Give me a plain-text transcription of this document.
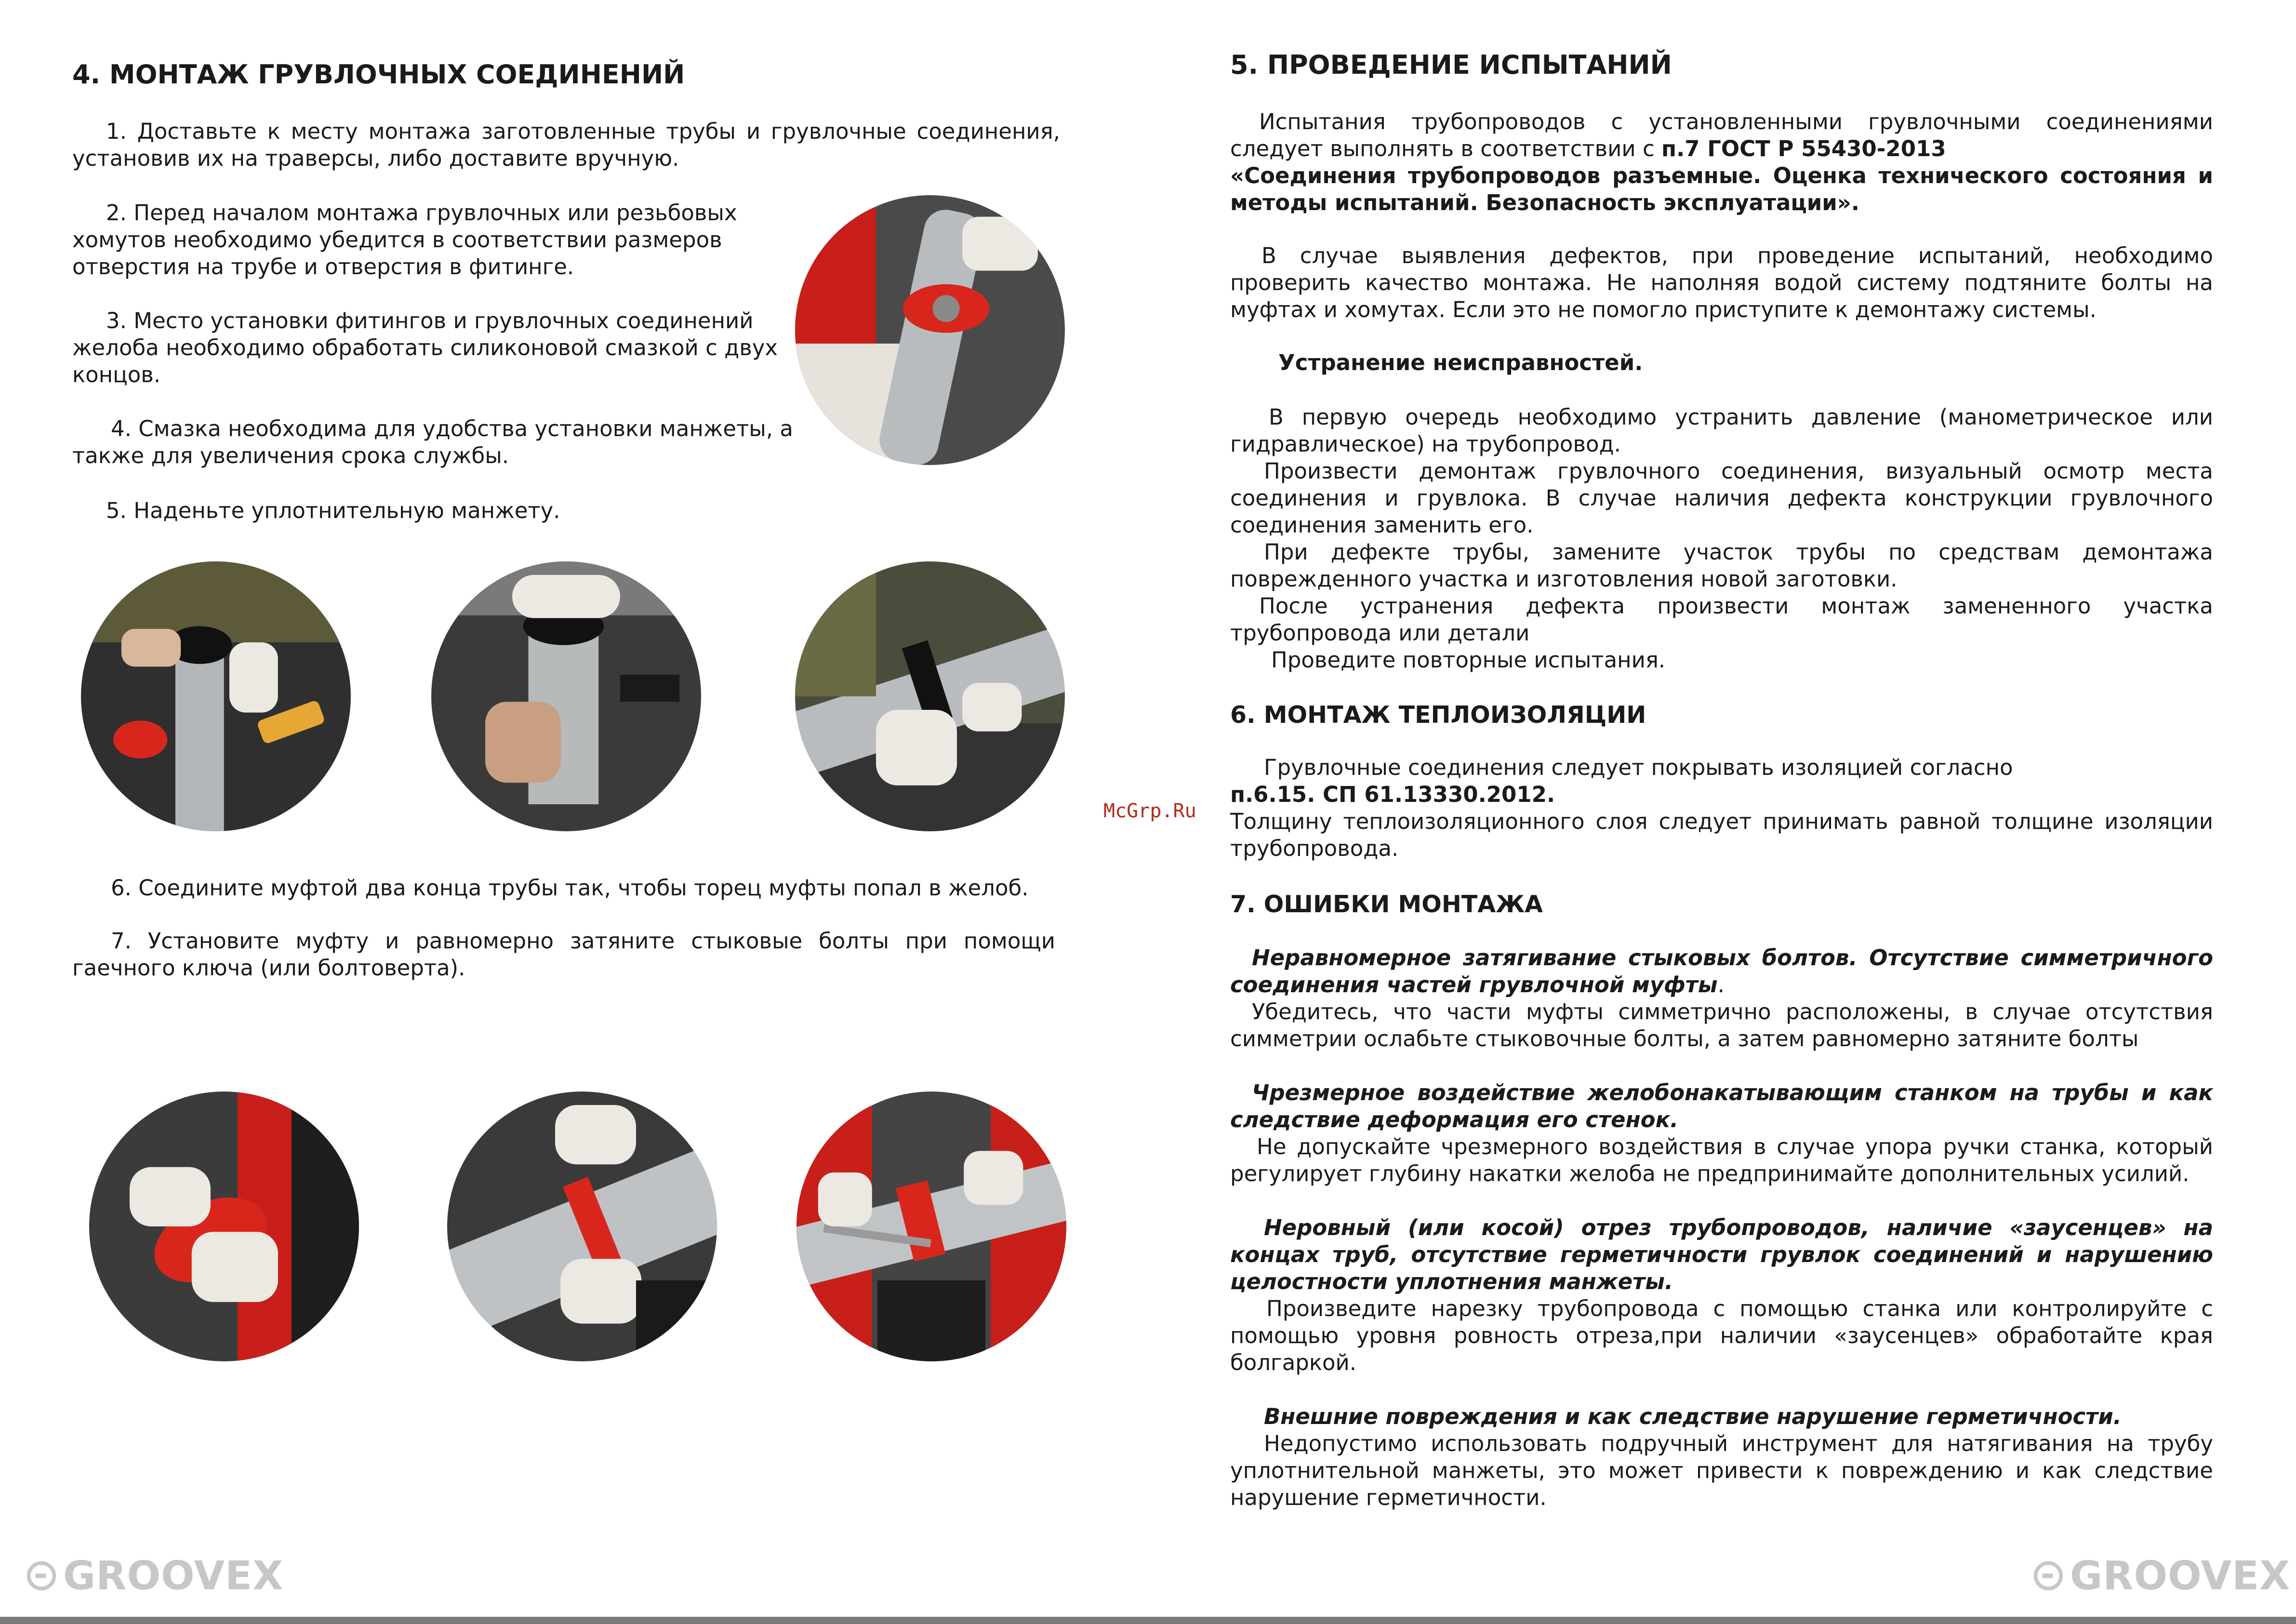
4. МОНТАЖ ГРУВЛОЧНЫХ СОЕДИНЕНИЙ

1. Доставьте к месту монтажа заготовленные трубы и грувлочные соединения, установив их на траверсы, либо доставите вручную.

2. Перед началом монтажа грувлочных или резьбовых хомутов необходимо убедится в соответствии размеров отверстия на трубе и отверстия в фитинге.

3. Место установки фитингов и грувлочных соединений желоба необходимо обработать силиконовой смазкой с двух концов.

4. Смазка необходима для удобства установки манжеты, а также для увеличения срока службы.

5. Наденьте уплотнительную манжету.

6. Соедините муфтой два конца трубы так, чтобы торец муфты попал в желоб.

7. Установите муфту и равномерно затяните стыковые болты при помощи гаечного ключа (или болтоверта).

5. ПРОВЕДЕНИЕ ИСПЫТАНИЙ

Испытания трубопроводов с установленными грувлочными соединениями следует выполнять в соответствии с п.7 ГОСТ Р 55430-2013
«Соединения трубопроводов разъемные. Оценка технического состояния и методы испытаний. Безопасность эксплуатации».

В случае выявления дефектов, при проведение испытаний, необходимо проверить качество монтажа. Не наполняя водой систему подтяните болты на муфтах и хомутах. Если это не помогло приступите к демонтажу системы.

Устранение неисправностей.

В первую очередь необходимо устранить давление (манометрическое или гидравлическое) на трубопровод.

Произвести демонтаж грувлочного соединения, визуальный осмотр места соединения и грувлока. В случае наличия дефекта конструкции грувлочного соединения заменить его.

При дефекте трубы, замените участок трубы по средствам демонтажа поврежденного участка и изготовления новой заготовки.

После устранения дефекта произвести монтаж замененного участка трубопровода или детали

Проведите повторные испытания.

6. МОНТАЖ ТЕПЛОИЗОЛЯЦИИ

Грувлочные соединения следует покрывать изоляцией согласно
п.6.15. СП 61.13330.2012.

Толщину теплоизоляционного слоя следует принимать равной толщине изоляции трубопровода.

7. ОШИБКИ МОНТАЖА

Неравномерное затягивание стыковых болтов. Отсутствие симметричного соединения частей грувлочной муфты.
Убедитесь, что части муфты симметрично расположены, в случае отсутствия симметрии ослабьте стыковочные болты, а затем равномерно затяните болты

Чрезмерное воздействие желобонакатывающим станком на трубы и как следствие деформация его стенок.
Не допускайте чрезмерного воздействия в случае упора ручки станка, который регулирует глубину накатки желоба не предпринимайте дополнительных усилий.

Неровный (или косой) отрез трубопроводов, наличие «заусенцев» на концах труб, отсутствие герметичности грувлок соединений и нарушению целостности уплотнения манжеты.
Произведите нарезку трубопровода с помощью станка или контролируйте с помощью уровня ровность отреза,при наличии «заусенцев» обработайте края болгаркой.

Внешние повреждения и как следствие нарушение герметичности.
Недопустимо использовать подручный инструмент для натягивания на трубу уплотнительной манжеты, это может привести к повреждению и как следствие нарушение герметичности.

McGrp.Ru
GROOVEX	GROOVEX
